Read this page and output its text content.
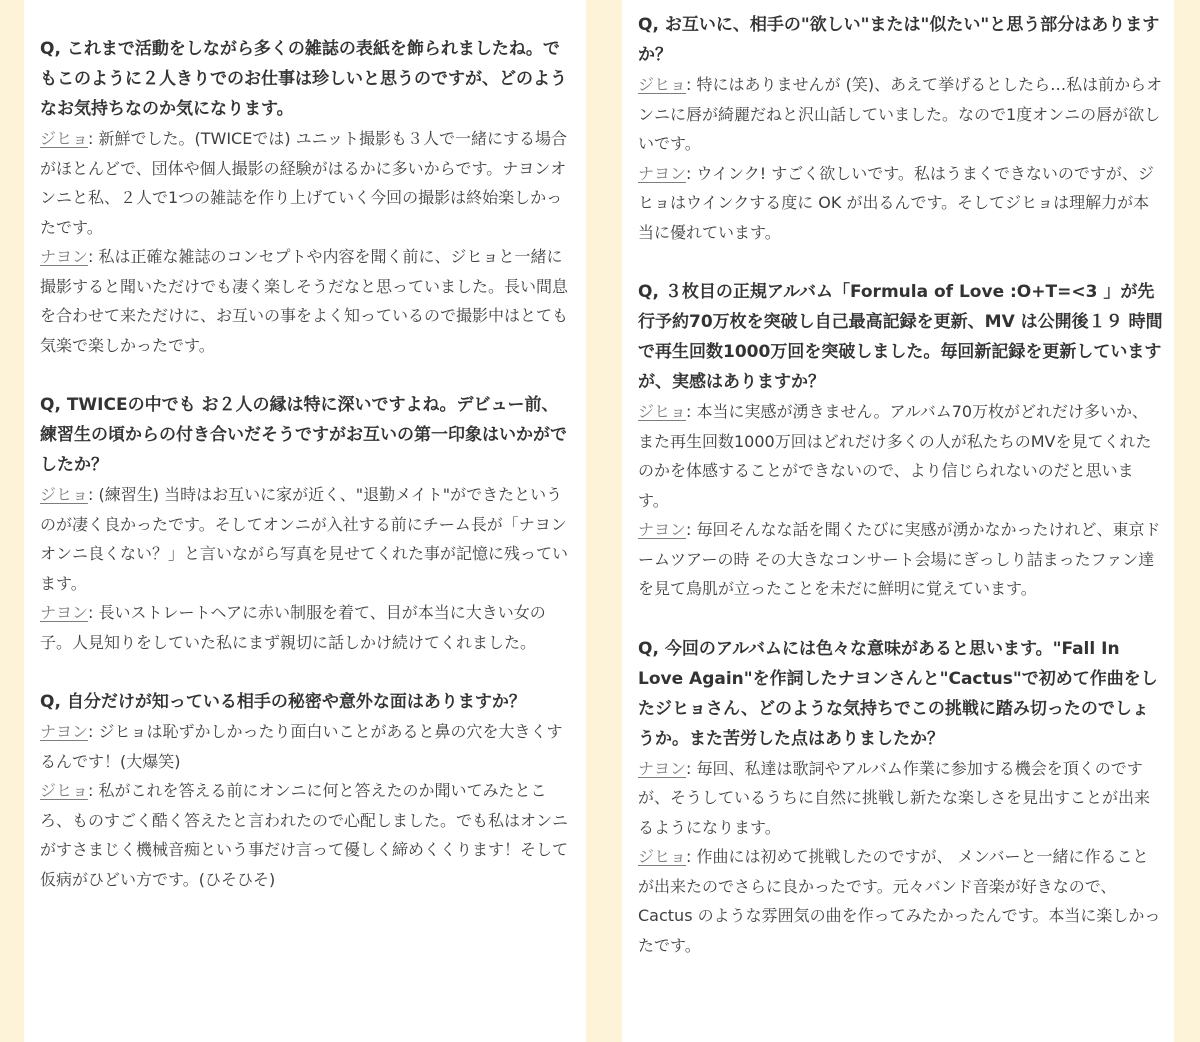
Q, これまで活動をしながら多くの雑誌の表紙を飾られましたね。でもこのように２人きりでのお仕事は珍しいと思うのですが、どのようなお気持ちなのか気になります。

ジヒョ: 新鮮でした。(TWICEでは) ユニット撮影も３人で一緒にする場合がほとんどで、団体や個人撮影の経験がはるかに多いからです。ナヨンオンニと私、２人で1つの雑誌を作り上げていく今回の撮影は終始楽しかったです。

ナヨン: 私は正確な雑誌のコンセプトや内容を聞く前に、ジヒョと一緒に撮影すると聞いただけでも凄く楽しそうだなと思っていました。長い間息を合わせて来ただけに、お互いの事をよく知っているので撮影中はとても気楽で楽しかったです。

Q, TWICEの中でも お２人の縁は特に深いですよね。デビュー前、練習生の頃からの付き合いだそうですがお互いの第一印象はいかがでしたか？

ジヒョ: (練習生) 当時はお互いに家が近く、"退勤メイト"ができたというのが凄く良かったです。そしてオンニが入社する前にチーム長が「ナヨンオンニ良くない？」と言いながら写真を見せてくれた事が記憶に残っています。

ナヨン: 長いストレートヘアに赤い制服を着て、目が本当に大きい女の子。人見知りをしていた私にまず親切に話しかけ続けてくれました。

Q, 自分だけが知っている相手の秘密や意外な面はありますか？

ナヨン: ジヒョは恥ずかしかったり面白いことがあると鼻の穴を大きくするんです！(大爆笑)

ジヒョ: 私がこれを答える前にオンニに何と答えたのか聞いてみたところ、ものすごく酷く答えたと言われたので心配しました。でも私はオンニがすさまじく機械音痴という事だけ言って優しく締めくくります！そして仮病がひどい方です。(ひそひそ)

Q, お互いに、相手の"欲しい"または"似たい"と思う部分はありますか？

ジヒョ: 特にはありませんが (笑)、あえて挙げるとしたら…私は前からオンニに唇が綺麗だねと沢山話していました。なので1度オンニの唇が欲しいです。

ナヨン: ウインク! すごく欲しいです。私はうまくできないのですが、ジヒョはウインクする度に OK が出るんです。そしてジヒョは理解力が本当に優れています。

Q, ３枚目の正規アルバム「Formula of Love :O+T=<3 」が先行予約70万枚を突破し自己最高記録を更新、MV は公開後１９ 時間で再生回数1000万回を突破しました。毎回新記録を更新していますが、実感はありますか？

ジヒョ: 本当に実感が湧きません。アルバム70万枚がどれだけ多いか、また再生回数1000万回はどれだけ多くの人が私たちのMVを見てくれたのかを体感することができないので、より信じられないのだと思います。

ナヨン: 毎回そんなな話を聞くたびに実感が湧かなかったけれど、東京ドームツアーの時 その大きなコンサート会場にぎっしり詰まったファン達を見て鳥肌が立ったことを未だに鮮明に覚えています。

Q, 今回のアルバムには色々な意味があると思います。"Fall In Love Again"を作詞したナヨンさんと"Cactus"で初めて作曲をしたジヒョさん、どのような気持ちでこの挑戦に踏み切ったのでしょうか。また苦労した点はありましたか？

ナヨン: 毎回、私達は歌詞やアルバム作業に参加する機会を頂くのですが、そうしているうちに自然に挑戦し新たな楽しさを見出すことが出来るようになります。

ジヒョ: 作曲には初めて挑戦したのですが、 メンバーと一緒に作ることが出来たのでさらに良かったです。元々バンド音楽が好きなので、Cactus のような雰囲気の曲を作ってみたかったんです。本当に楽しかったです。
